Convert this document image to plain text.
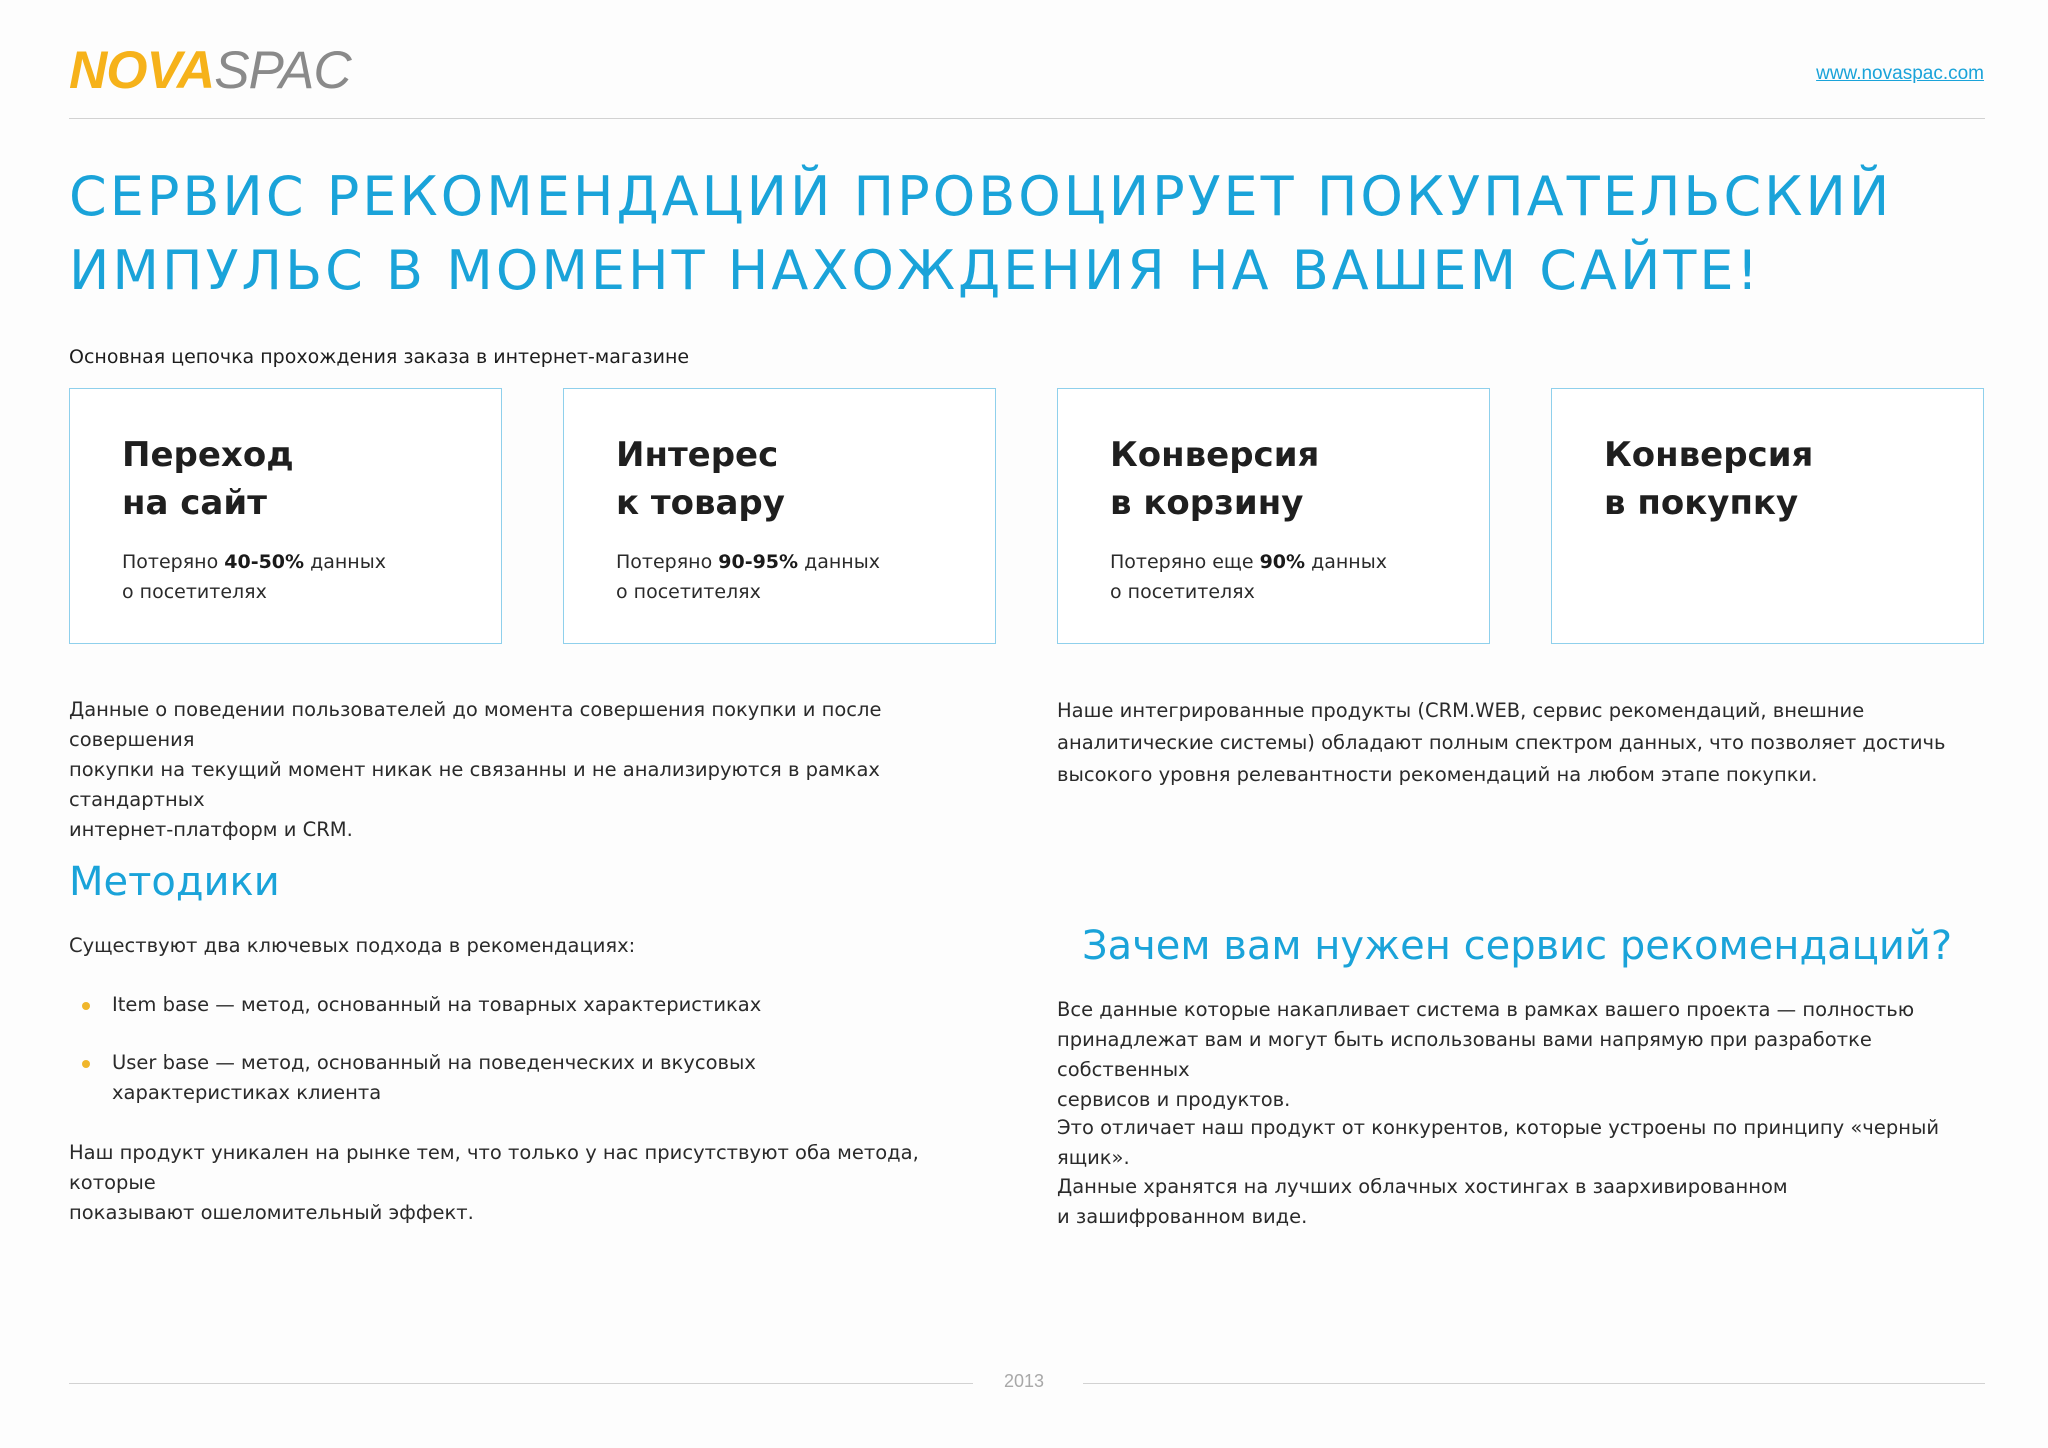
NOVASPAC	www.novaspac.com
СЕРВИС РЕКОМЕНДАЦИЙ ПРОВОЦИРУЕТ ПОКУПАТЕЛЬСКИЙ
ИМПУЛЬС В МОМЕНТ НАХОЖДЕНИЯ НА ВАШЕМ САЙТЕ!
Основная цепочка прохождения заказа в интернет-магазине
Переход
на сайт
Потеряно 40-50% данных
о посетителях
Интерес
к товару
Потеряно 90-95% данных
о посетителях
Конверсия
в корзину
Потеряно еще 90% данных
о посетителях
Конверсия
в покупку
Данные о поведении пользователей до момента совершения покупки и после совершения
покупки на текущий момент никак не связанны и не анализируются в рамках стандартных
интернет-платформ и CRM.
Наше интегрированные продукты (CRM.WEB, сервис рекомендаций, внешние
аналитические системы) обладают полным спектром данных, что позволяет достичь
высокого уровня релевантности рекомендаций на любом этапе покупки.
Методики
Существуют два ключевых подхода в рекомендациях:
Item base — метод, основанный на товарных характеристиках
User base — метод, основанный на поведенческих и вкусовых
характеристиках клиента
Наш продукт уникален на рынке тем, что только у нас присутствуют оба метода, которые
показывают ошеломительный эффект.
Зачем вам нужен сервис рекомендаций?
Все данные которые накапливает система в рамках вашего проекта — полностью
принадлежат вам и могут быть использованы вами напрямую при разработке собственных
сервисов и продуктов.
Это отличает наш продукт от конкурентов, которые устроены по принципу «черный ящик».
Данные хранятся на лучших облачных хостингах в заархивированном
и зашифрованном виде.
2013
